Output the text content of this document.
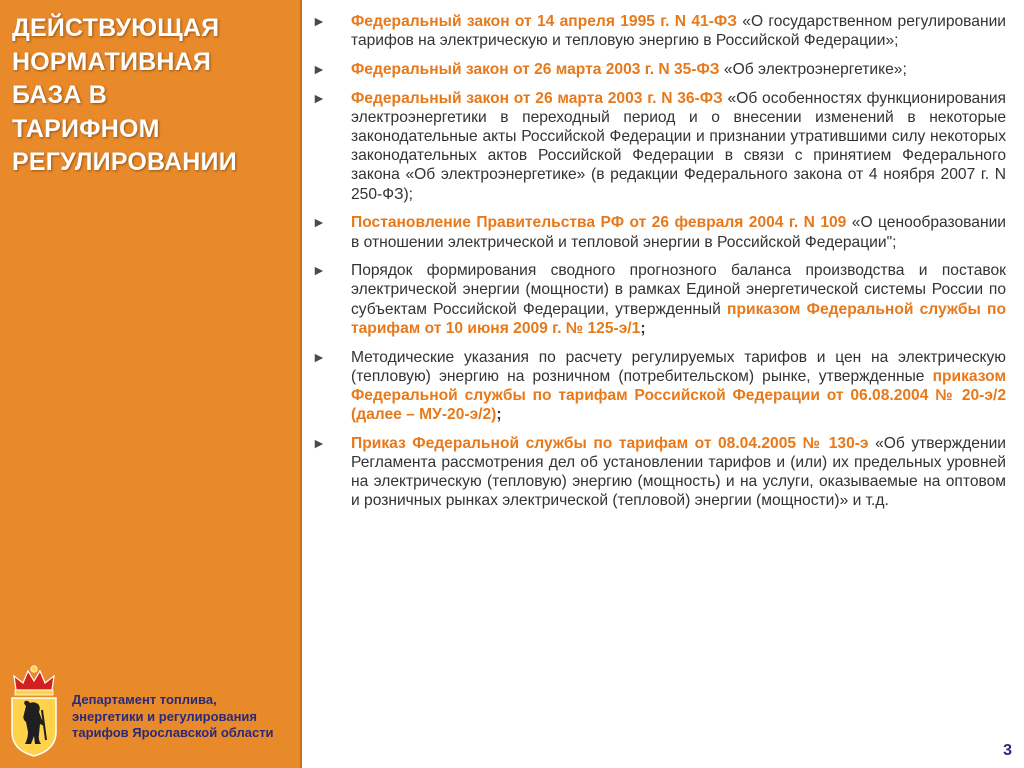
ДЕЙСТВУЮЩАЯ
НОРМАТИВНАЯ
БАЗА В
ТАРИФНОМ
РЕГУЛИРОВАНИИ
Департамент топлива,
энергетики и регулирования
тарифов Ярославской области
► Федеральный закон от 14 апреля 1995 г. N 41-ФЗ «О государственном регулировании тарифов на электрическую и тепловую энергию в Российской Федерации»;
► Федеральный закон от 26 марта 2003 г. N 35-ФЗ «Об электроэнергетике»;
► Федеральный закон от 26 марта 2003 г. N 36-ФЗ «Об особенностях функционирования электроэнергетики в переходный период и о внесении изменений в некоторые законодательные акты Российской Федерации и признании утратившими силу некоторых законодательных актов Российской Федерации в связи с принятием Федерального закона «Об электроэнергетике» (в редакции Федерального закона от 4 ноября 2007 г. N 250-ФЗ);
► Постановление Правительства РФ от 26 февраля 2004 г. N 109 «О ценообразовании в отношении электрической и тепловой энергии в Российской Федерации";
► Порядок формирования сводного прогнозного баланса производства и поставок электрической энергии (мощности) в рамках Единой энергетической системы России по субъектам Российской Федерации, утвержденный приказом Федеральной службы по тарифам от 10 июня 2009 г. № 125-э/1;
► Методические указания по расчету регулируемых тарифов и цен на электрическую (тепловую) энергию на розничном (потребительском) рынке, утвержденные приказом Федеральной службы по тарифам Российской Федерации от 06.08.2004 № 20-э/2 (далее – МУ-20-э/2);
► Приказ Федеральной службы по тарифам от 08.04.2005 № 130-э «Об утверждении Регламента рассмотрения дел об установлении тарифов и (или) их предельных уровней на электрическую (тепловую) энергию (мощность) и на услуги, оказываемые на оптовом и розничных рынках электрической (тепловой) энергии (мощности)» и т.д.
3
